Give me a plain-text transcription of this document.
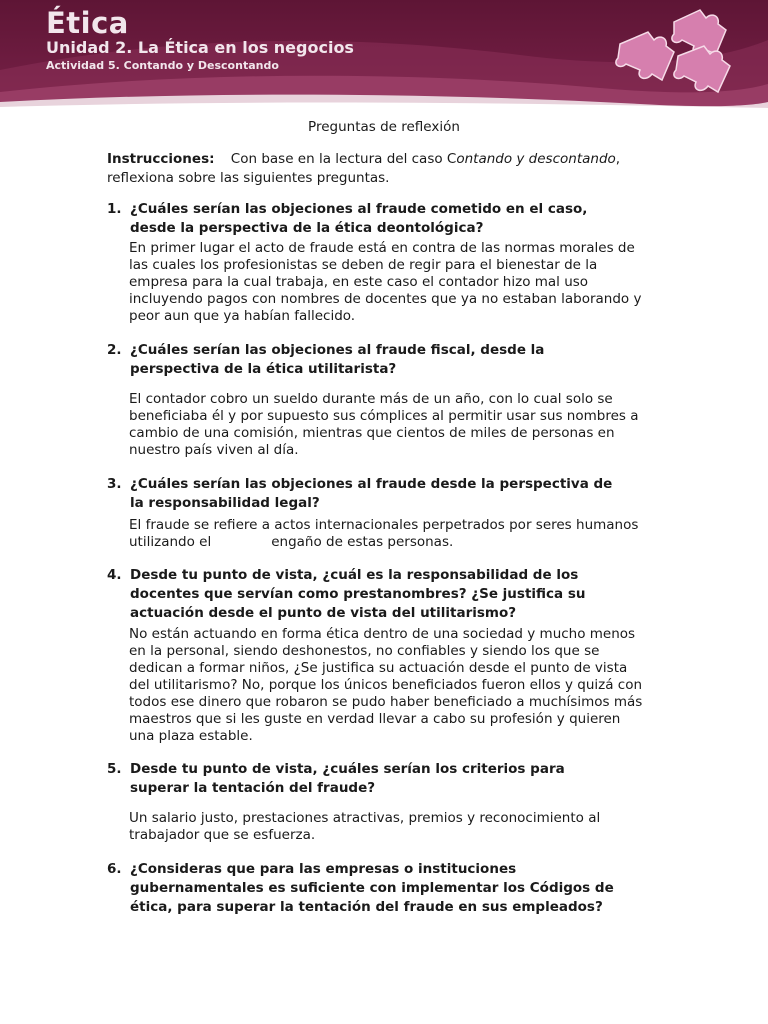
Ética
Unidad 2. La Ética en los negocios
Actividad 5. Contando y Descontando
Preguntas de reflexión
Instrucciones: Con base en la lectura del caso Contando y descontando,
reflexiona sobre las siguientes preguntas.
1. ¿Cuáles serían las objeciones al fraude cometido en el caso,
desde la perspectiva de la ética deontológica?
En primer lugar el acto de fraude está en contra de las normas morales de
las cuales los profesionistas se deben de regir para el bienestar de la
empresa para la cual trabaja, en este caso el contador hizo mal uso
incluyendo pagos con nombres de docentes que ya no estaban laborando y
peor aun que ya habían fallecido.
2. ¿Cuáles serían las objeciones al fraude fiscal, desde la
perspectiva de la ética utilitarista?
El contador cobro un sueldo durante más de un año, con lo cual solo se
beneficiaba él y por supuesto sus cómplices al permitir usar sus nombres a
cambio de una comisión, mientras que cientos de miles de personas en
nuestro país viven al día.
3. ¿Cuáles serían las objeciones al fraude desde la perspectiva de
la responsabilidad legal?
El fraude se refiere a actos internacionales perpetrados por seres humanos
utilizando el	engaño de estas personas.
4. Desde tu punto de vista, ¿cuál es la responsabilidad de los
docentes que servían como prestanombres? ¿Se justifica su
actuación desde el punto de vista del utilitarismo?
No están actuando en forma ética dentro de una sociedad y mucho menos
en la personal, siendo deshonestos, no confiables y siendo los que se
dedican a formar niños, ¿Se justifica su actuación desde el punto de vista
del utilitarismo? No, porque los únicos beneficiados fueron ellos y quizá con
todos ese dinero que robaron se pudo haber beneficiado a muchísimos más
maestros que si les guste en verdad llevar a cabo su profesión y quieren
una plaza estable.
5. Desde tu punto de vista, ¿cuáles serían los criterios para
superar la tentación del fraude?
Un salario justo, prestaciones atractivas, premios y reconocimiento al
trabajador que se esfuerza.
6. ¿Consideras que para las empresas o instituciones
gubernamentales es suficiente con implementar los Códigos de
ética, para superar la tentación del fraude en sus empleados?
